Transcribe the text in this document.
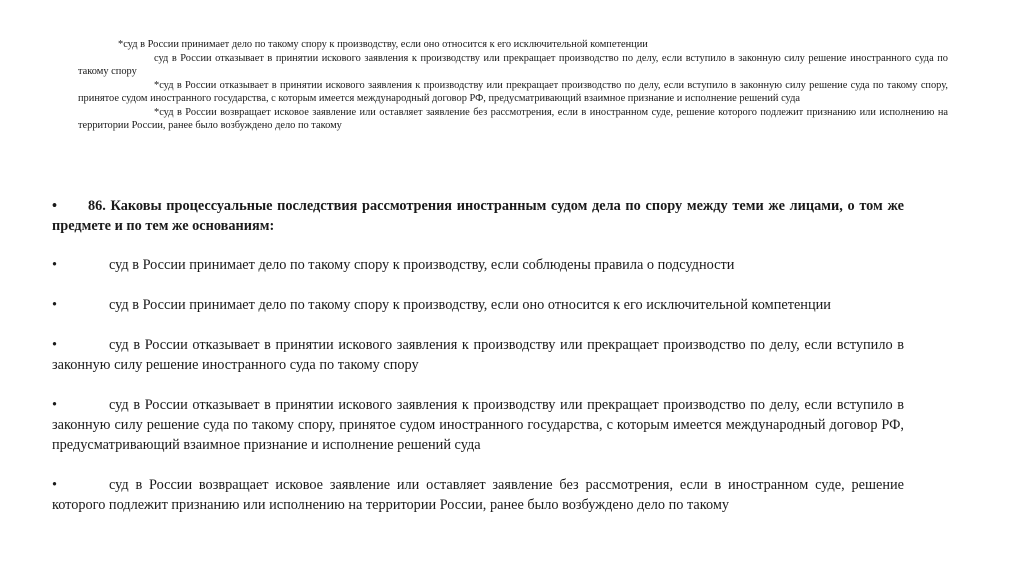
*суд в России принимает дело по такому спору к производству, если оно относится к его исключительной компетенции

суд в России отказывает в принятии искового заявления к производству или прекращает производство по делу, если вступило в законную силу решение иностранного суда по такому спору

*суд в России отказывает в принятии искового заявления к производству или прекращает производство по делу, если вступило в законную силу решение суда по такому спору, принятое судом иностранного государства, с которым имеется международный договор РФ, предусматривающий взаимное признание и исполнение решений суда

*суд в России возвращает исковое заявление или оставляет заявление без рассмотрения, если в иностранном суде, решение которого подлежит признанию или исполнению на территории России, ранее было возбуждено дело по такому

• 86. Каковы процессуальные последствия рассмотрения иностранным судом дела по спору между теми же лицами, о том же предмете и по тем же основаниям:

•	суд в России принимает дело по такому спору к производству, если соблюдены правила о подсудности

•	суд в России принимает дело по такому спору к производству, если оно относится к его исключительной компетенции

•	суд в России отказывает в принятии искового заявления к производству или прекращает производство по делу, если вступило в законную силу решение иностранного суда по такому спору

•	суд в России отказывает в принятии искового заявления к производству или прекращает производство по делу, если вступило в законную силу решение суда по такому спору, принятое судом иностранного государства, с которым имеется международный договор РФ, предусматривающий взаимное признание и исполнение решений суда

•	суд в России возвращает исковое заявление или оставляет заявление без рассмотрения, если в иностранном суде, решение которого подлежит признанию или исполнению на территории России, ранее было возбуждено дело по такому
